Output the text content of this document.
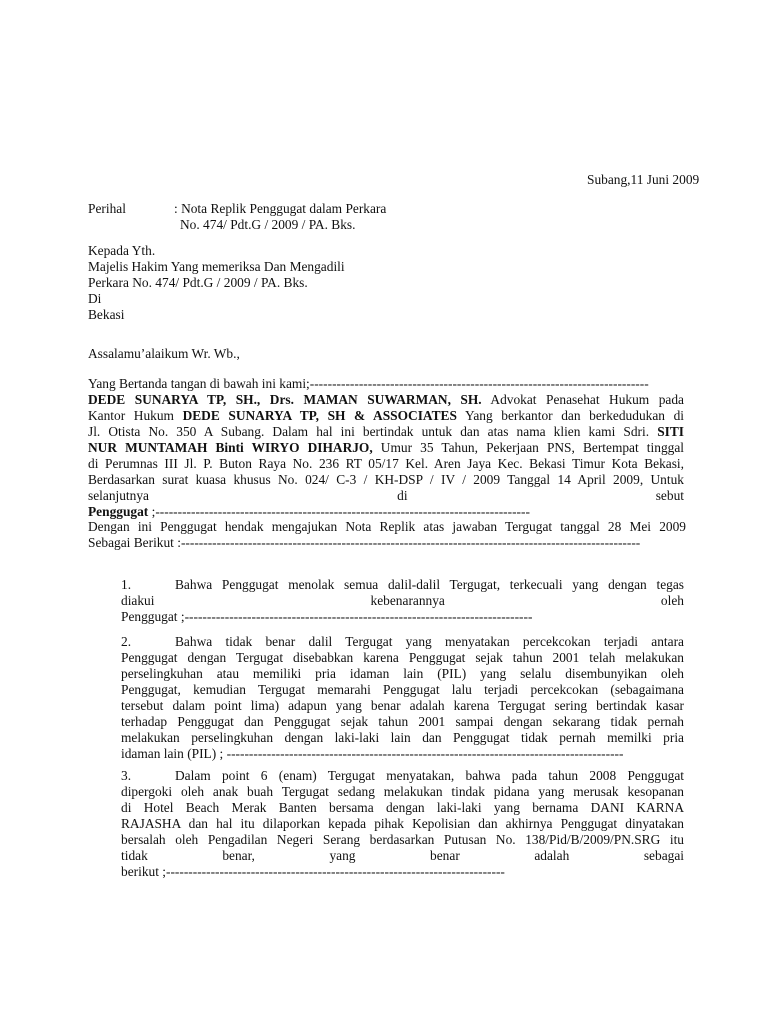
Subang,11 Juni 2009
Perihal	: Nota Replik Penggugat dalam Perkara
No. 474/ Pdt.G / 2009 / PA. Bks.
Kepada Yth.
Majelis Hakim Yang memeriksa Dan Mengadili
Perkara No. 474/ Pdt.G / 2009 / PA. Bks.
Di
Bekasi
Assalamu’alaikum Wr. Wb.,
Yang Bertanda tangan di bawah ini kami;----------------------------------------------------------------------------
DEDE SUNARYA TP, SH., Drs. MAMAN SUWARMAN, SH. Advokat Penasehat Hukum pada
Kantor Hukum DEDE SUNARYA TP, SH & ASSOCIATES Yang berkantor dan berkedudukan di
Jl. Otista No. 350 A Subang. Dalam hal ini bertindak untuk dan atas nama klien kami Sdri. SITI
NUR MUNTAMAH Binti WIRYO DIHARJO, Umur 35 Tahun, Pekerjaan PNS, Bertempat tinggal
di Perumnas III Jl. P. Buton Raya No. 236 RT 05/17 Kel. Aren Jaya Kec. Bekasi Timur Kota Bekasi,
Berdasarkan surat kuasa khusus No. 024/ C-3 / KH-DSP / IV / 2009 Tanggal 14 April 2009, Untuk
selanjutnya di sebut
Penggugat ;------------------------------------------------------------------------------------
Dengan ini Penggugat hendak mengajukan Nota Replik atas jawaban Tergugat tanggal 28 Mei 2009
Sebagai Berikut :-------------------------------------------------------------------------------------------------------
1.	Bahwa Penggugat menolak semua dalil-dalil Tergugat, terkecuali yang dengan tegas
diakui kebenarannya oleh
Penggugat ;------------------------------------------------------------------------------
2.	Bahwa tidak benar dalil Tergugat yang menyatakan percekcokan terjadi antara
Penggugat dengan Tergugat disebabkan karena Penggugat sejak tahun 2001 telah melakukan
perselingkuhan atau memiliki pria idaman lain (PIL) yang selalu disembunyikan oleh
Penggugat, kemudian Tergugat memarahi Penggugat lalu terjadi percekcokan (sebagaimana
tersebut dalam point lima) adapun yang benar adalah karena Tergugat sering bertindak kasar
terhadap Penggugat dan Penggugat sejak tahun 2001 sampai dengan sekarang tidak pernah
melakukan perselingkuhan dengan laki-laki lain dan Penggugat tidak pernah memilki pria
idaman lain (PIL) ; -----------------------------------------------------------------------------------------
3.	Dalam point 6 (enam) Tergugat menyatakan, bahwa pada tahun 2008 Penggugat
dipergoki oleh anak buah Tergugat sedang melakukan tindak pidana yang merusak kesopanan
di Hotel Beach Merak Banten bersama dengan laki-laki yang bernama DANI KARNA
RAJASHA dan hal itu dilaporkan kepada pihak Kepolisian dan akhirnya Penggugat dinyatakan
bersalah oleh Pengadilan Negeri Serang berdasarkan Putusan No. 138/Pid/B/2009/PN.SRG itu
tidak benar, yang benar adalah sebagai
berikut ;----------------------------------------------------------------------------
